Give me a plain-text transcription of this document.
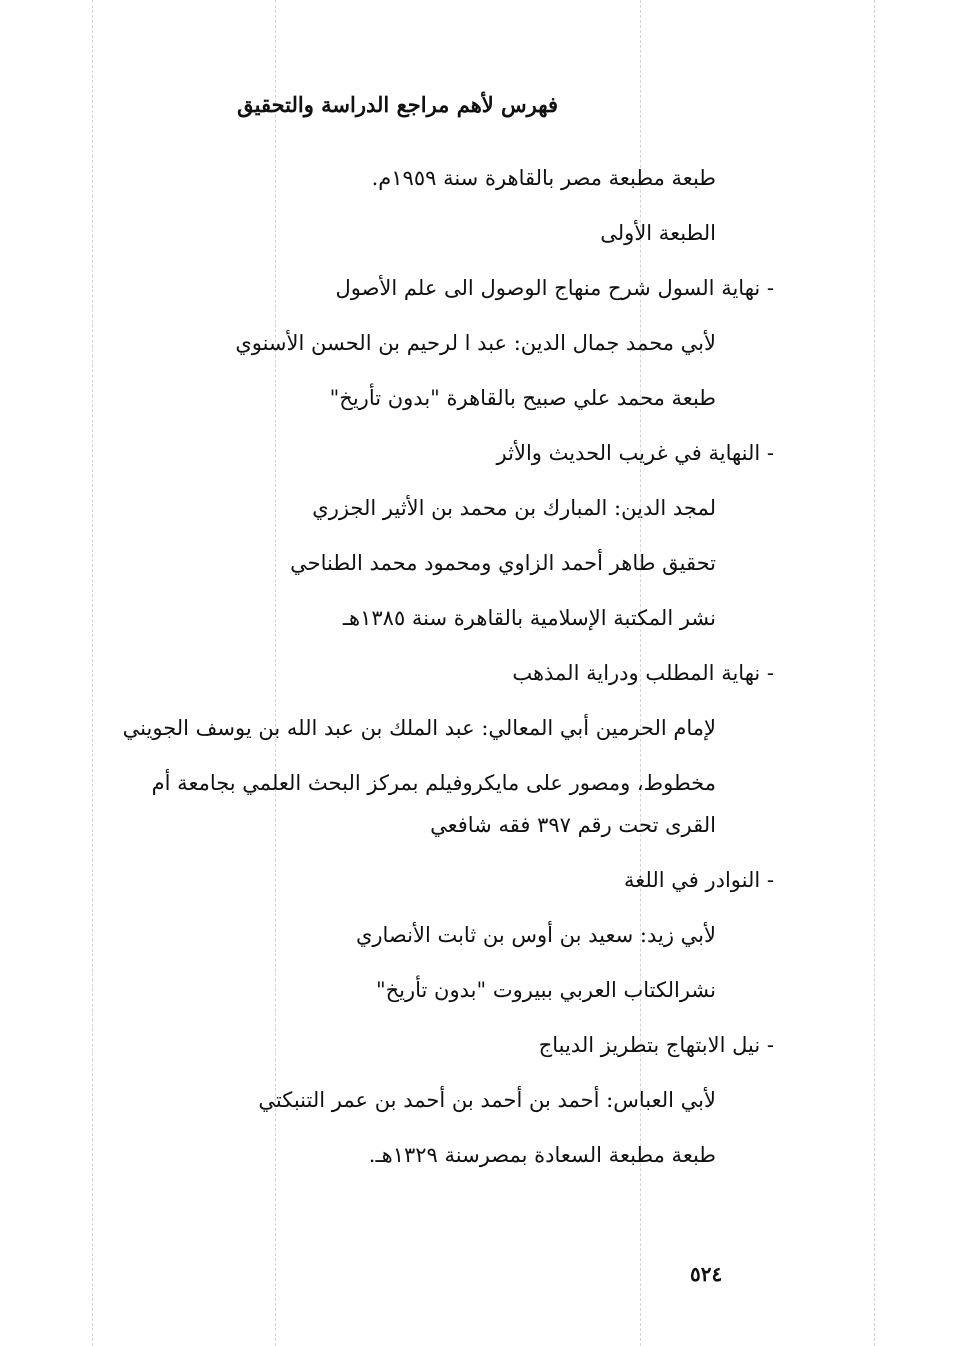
فهرس لأهم مراجع الدراسة والتحقيق
طبعة مطبعة مصر بالقاهرة سنة ١٩٥٩م.
الطبعة الأولى
- نهاية السول شرح منهاج الوصول الى علم الأصول
لأبي محمد جمال الدين: عبد ا لرحيم بن الحسن الأسنوي
طبعة محمد علي صبيح بالقاهرة "بدون تأريخ"
- النهاية في غريب الحديث والأثر
لمجد الدين: المبارك بن محمد بن الأثير الجزري
تحقيق طاهر أحمد الزاوي ومحمود محمد الطناحي
نشر المكتبة الإسلامية بالقاهرة سنة ١٣٨٥هـ
- نهاية المطلب ودراية المذهب
لإمام الحرمين أبي المعالي: عبد الملك بن عبد الله بن يوسف الجويني
مخطوط، ومصور على مايكروفيلم بمركز البحث العلمي بجامعة أم
القرى تحت رقم ٣٩٧ فقه شافعي
- النوادر في اللغة
لأبي زيد: سعيد بن أوس بن ثابت الأنصاري
نشرالكتاب العربي ببيروت "بدون تأريخ"
- نيل الابتهاج بتطريز الديباج
لأبي العباس: أحمد بن أحمد بن أحمد بن عمر التنبكتي
طبعة مطبعة السعادة بمصرسنة ١٣٢٩هـ.
٥٢٤
